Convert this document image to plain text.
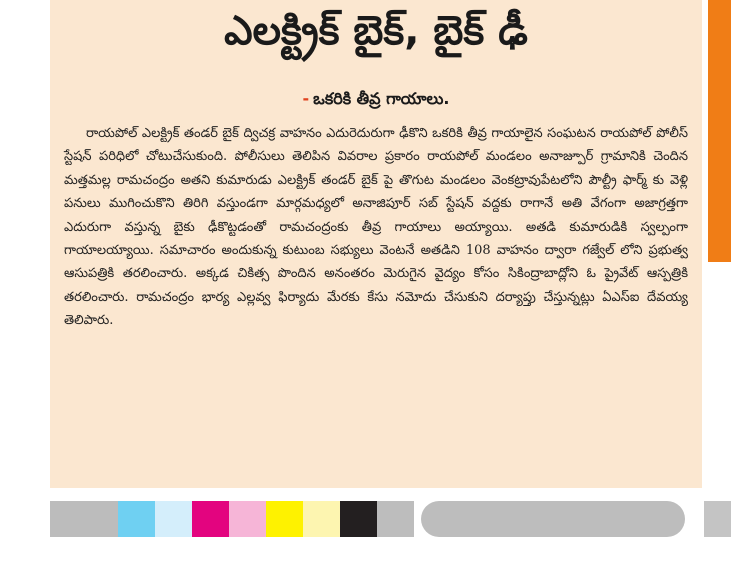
ఎలక్ట్రిక్ బైక్, బైక్ ఢీ
- ఒకరికి తీవ్ర గాయాలు.
రాయపోల్ ఎలక్ట్రిక్ తండర్ బైక్ ద్విచక్ర వాహనం ఎదురెదురుగా ఢీకొని ఒకరికి తీవ్ర గాయాలైన సంఘటన రాయపోల్ పోలీస్ స్టేషన్ పరిధిలో చోటుచేసుకుంది. పోలీసులు తెలిపిన వివరాల ప్రకారం రాయపోల్ మండలం అనాజ్పూర్ గ్రామానికి చెందిన మత్తమల్ల రామచంద్రం అతని కుమారుడు ఎలక్ట్రిక్ తండర్ బైక్ పై తొగుట మండలం వెంకట్రావుపేటలోని పౌల్ట్రీ ఫార్మ్ కు వెళ్లి పనులు ముగించుకొని తిరిగి వస్తుండగా మార్గమధ్యలో అనాజిపూర్ సబ్ స్టేషన్ వద్దకు రాగానే అతి వేగంగా అజాగ్రత్తగా ఎదురుగా వస్తున్న బైకు ఢీకొట్టడంతో రామచంద్రంకు తీవ్ర గాయాలు అయ్యాయి. అతడి కుమారుడికి స్వల్పంగా గాయాలయ్యాయి. సమాచారం అందుకున్న కుటుంబ సభ్యులు వెంటనే అతడిని 108 వాహనం ద్వారా గజ్వేల్ లోని ప్రభుత్వ ఆసుపత్రికి తరలించారు. అక్కడ చికిత్స పొందిన అనంతరం మెరుగైన వైద్యం కోసం సికింద్రాబాద్లోని ఓ ప్రైవేట్ ఆస్పత్రికి తరలించారు. రామచంద్రం భార్య ఎల్లవ్వ ఫిర్యాదు మేరకు కేసు నమోదు చేసుకుని దర్యాప్తు చేస్తున్నట్లు ఏఎస్ఐ దేవయ్య తెలిపారు.
